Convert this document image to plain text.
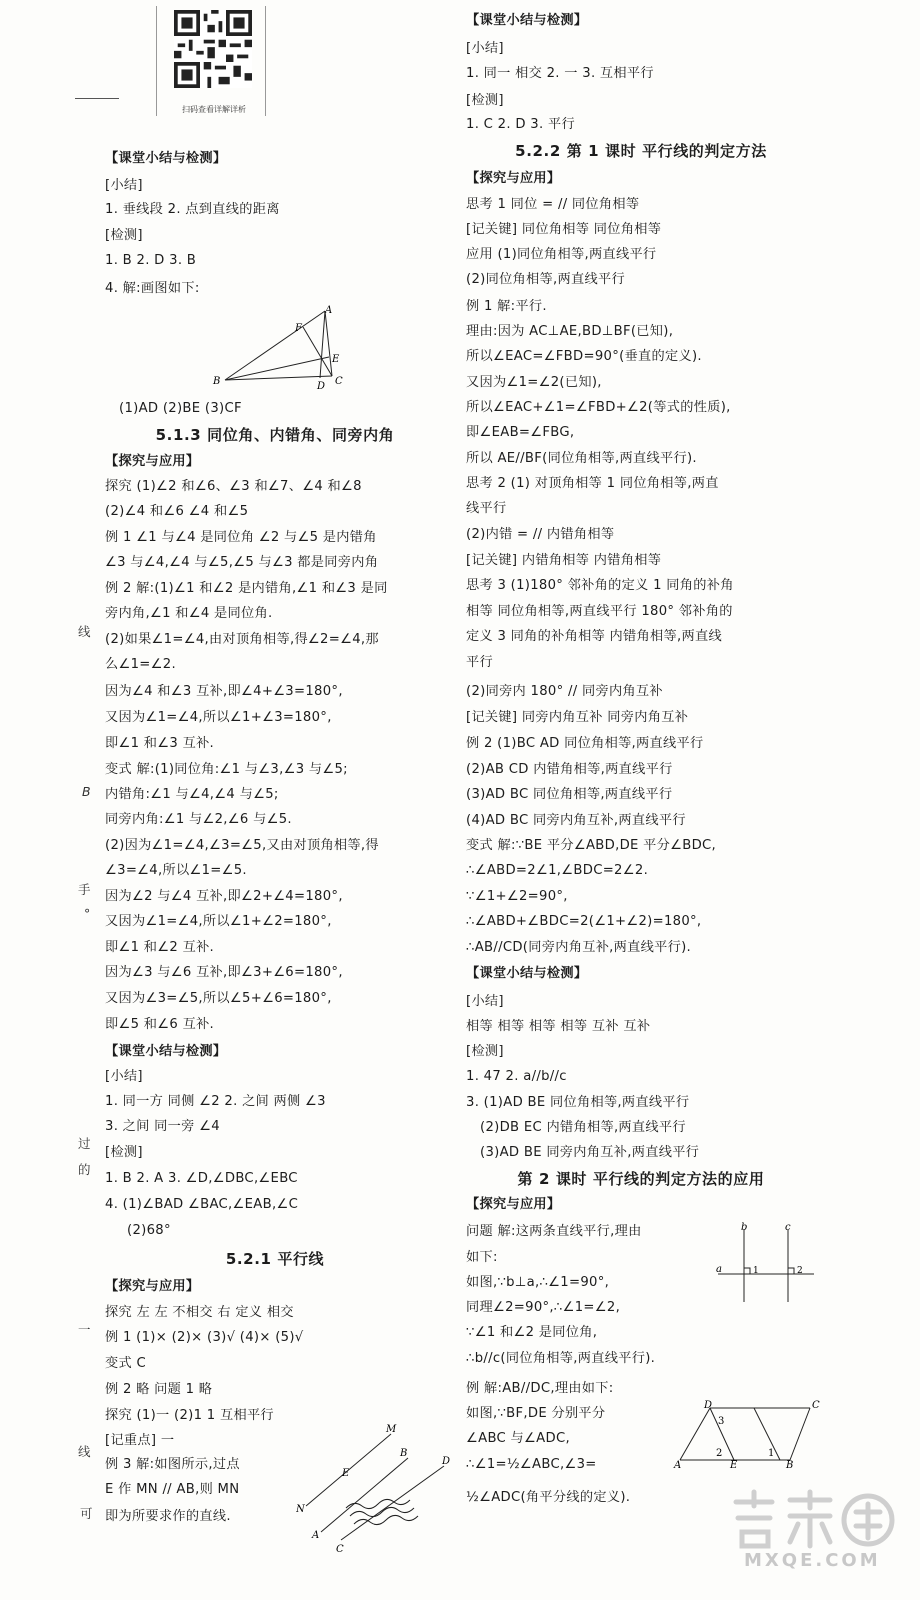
扫码查看详解详析
线
B
手
°
过
的
一
线
可
【课堂小结与检测】
[小结]
1. 垂线段 2. 点到直线的距离
[检测]
1. B 2. D 3. B
4. 解:画图如下:
(1)AD (2)BE (3)CF
5.1.3 同位角、内错角、同旁内角
【探究与应用】
探究 (1)∠2 和∠6、∠3 和∠7、∠4 和∠8
(2)∠4 和∠6 ∠4 和∠5
例 1 ∠1 与∠4 是同位角 ∠2 与∠5 是内错角
∠3 与∠4,∠4 与∠5,∠5 与∠3 都是同旁内角
例 2 解:(1)∠1 和∠2 是内错角,∠1 和∠3 是同
旁内角,∠1 和∠4 是同位角.
(2)如果∠1=∠4,由对顶角相等,得∠2=∠4,那
么∠1=∠2.
因为∠4 和∠3 互补,即∠4+∠3=180°,
又因为∠1=∠4,所以∠1+∠3=180°,
即∠1 和∠3 互补.
变式 解:(1)同位角:∠1 与∠3,∠3 与∠5;
内错角:∠1 与∠4,∠4 与∠5;
同旁内角:∠1 与∠2,∠6 与∠5.
(2)因为∠1=∠4,∠3=∠5,又由对顶角相等,得
∠3=∠4,所以∠1=∠5.
因为∠2 与∠4 互补,即∠2+∠4=180°,
又因为∠1=∠4,所以∠1+∠2=180°,
即∠1 和∠2 互补.
因为∠3 与∠6 互补,即∠3+∠6=180°,
又因为∠3=∠5,所以∠5+∠6=180°,
即∠5 和∠6 互补.
【课堂小结与检测】
[小结]
1. 同一方 同侧 ∠2 2. 之间 两侧 ∠3
3. 之间 同一旁 ∠4
[检测]
1. B 2. A 3. ∠D,∠DBC,∠EBC
4. (1)∠BAD ∠BAC,∠EAB,∠C
(2)68°
5.2.1 平行线
【探究与应用】
探究 左 左 不相交 右 定义 相交
例 1 (1)× (2)× (3)√ (4)× (5)√
变式 C
例 2 略 问题 1 略
探究 (1)一 (2)1 1 互相平行
[记重点] 一
例 3 解:如图所示,过点
E 作 MN // AB,则 MN
即为所要求作的直线.
【课堂小结与检测】
[小结]
1. 同一 相交 2. 一 3. 互相平行
[检测]
1. C 2. D 3. 平行
5.2.2 第 1 课时 平行线的判定方法
【探究与应用】
思考 1 同位 = // 同位角相等
[记关键] 同位角相等 同位角相等
应用 (1)同位角相等,两直线平行
(2)同位角相等,两直线平行
例 1 解:平行.
理由:因为 AC⊥AE,BD⊥BF(已知),
所以∠EAC=∠FBD=90°(垂直的定义).
又因为∠1=∠2(已知),
所以∠EAC+∠1=∠FBD+∠2(等式的性质),
即∠EAB=∠FBG,
所以 AE//BF(同位角相等,两直线平行).
思考 2 (1) 对顶角相等 1 同位角相等,两直
线平行
(2)内错 = // 内错角相等
[记关键] 内错角相等 内错角相等
思考 3 (1)180° 邻补角的定义 1 同角的补角
相等 同位角相等,两直线平行 180° 邻补角的
定义 3 同角的补角相等 内错角相等,两直线
平行
(2)同旁内 180° // 同旁内角互补
[记关键] 同旁内角互补 同旁内角互补
例 2 (1)BC AD 同位角相等,两直线平行
(2)AB CD 内错角相等,两直线平行
(3)AD BC 同位角相等,两直线平行
(4)AD BC 同旁内角互补,两直线平行
变式 解:∵BE 平分∠ABD,DE 平分∠BDC,
∴∠ABD=2∠1,∠BDC=2∠2.
∵∠1+∠2=90°,
∴∠ABD+∠BDC=2(∠1+∠2)=180°,
∴AB//CD(同旁内角互补,两直线平行).
【课堂小结与检测】
[小结]
相等 相等 相等 相等 互补 互补
[检测]
1. 47 2. a//b//c
3. (1)AD BE 同位角相等,两直线平行
(2)DB EC 内错角相等,两直线平行
(3)AD BE 同旁内角互补,两直线平行
第 2 课时 平行线的判定方法的应用
【探究与应用】
问题 解:这两条直线平行,理由
如下:
如图,∵b⊥a,∴∠1=90°,
同理∠2=90°,∴∠1=∠2,
∵∠1 和∠2 是同位角,
∴b//c(同位角相等,两直线平行).
例 解:AB//DC,理由如下:
如图,∵BF,DE 分别平分
∠ABC 与∠ADC,
∴∠1=½∠ABC,∠3=
½∠ADC(角平分线的定义).
A
F
E
B	D C
M
E
B
N
A
D
C
b	c
a	1	2
D	C
3
2	1
A	E	B
MXQE.COM
